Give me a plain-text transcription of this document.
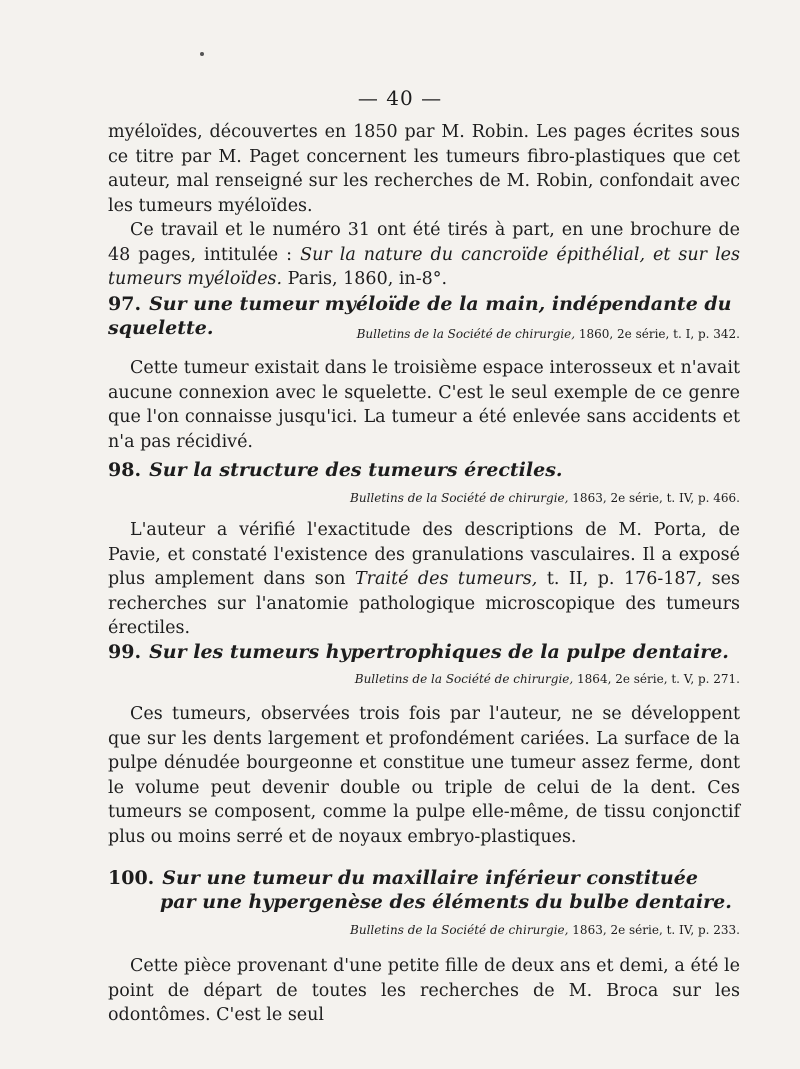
— 40 —

myéloïdes, découvertes en 1850 par M. Robin. Les pages écrites sous ce titre par M. Paget concernent les tumeurs fibro-plastiques que cet auteur, mal renseigné sur les recherches de M. Robin, confondait avec les tumeurs myéloïdes.

Ce travail et le numéro 31 ont été tirés à part, en une brochure de 48 pages, intitulée : Sur la nature du cancroïde épithélial, et sur les tumeurs myéloïdes. Paris, 1860, in-8°.

97. Sur une tumeur myéloïde de la main, indépendante du squelette.	Bulletins de la Société de chirurgie, 1860, 2e série, t. I, p. 342.

Cette tumeur existait dans le troisième espace interosseux et n'avait aucune connexion avec le squelette. C'est le seul exemple de ce genre que l'on connaisse jusqu'ici. La tumeur a été enlevée sans accidents et n'a pas récidivé.

98. Sur la structure des tumeurs érectiles.
Bulletins de la Société de chirurgie, 1863, 2e série, t. IV, p. 466.

L'auteur a vérifié l'exactitude des descriptions de M. Porta, de Pavie, et constaté l'existence des granulations vasculaires. Il a exposé plus amplement dans son Traité des tumeurs, t. II, p. 176-187, ses recherches sur l'anatomie pathologique microscopique des tumeurs érectiles.

99. Sur les tumeurs hypertrophiques de la pulpe dentaire.
Bulletins de la Société de chirurgie, 1864, 2e série, t. V, p. 271.

Ces tumeurs, observées trois fois par l'auteur, ne se développent que sur les dents largement et profondément cariées. La surface de la pulpe dénudée bourgeonne et constitue une tumeur assez ferme, dont le volume peut devenir double ou triple de celui de la dent. Ces tumeurs se composent, comme la pulpe elle-même, de tissu conjonctif plus ou moins serré et de noyaux embryo-plastiques.

100. Sur une tumeur du maxillaire inférieur constituée par une hypergenèse des éléments du bulbe dentaire.
Bulletins de la Société de chirurgie, 1863, 2e série, t. IV, p. 233.

Cette pièce provenant d'une petite fille de deux ans et demi, a été le point de départ de toutes les recherches de M. Broca sur les odontômes. C'est le seul
